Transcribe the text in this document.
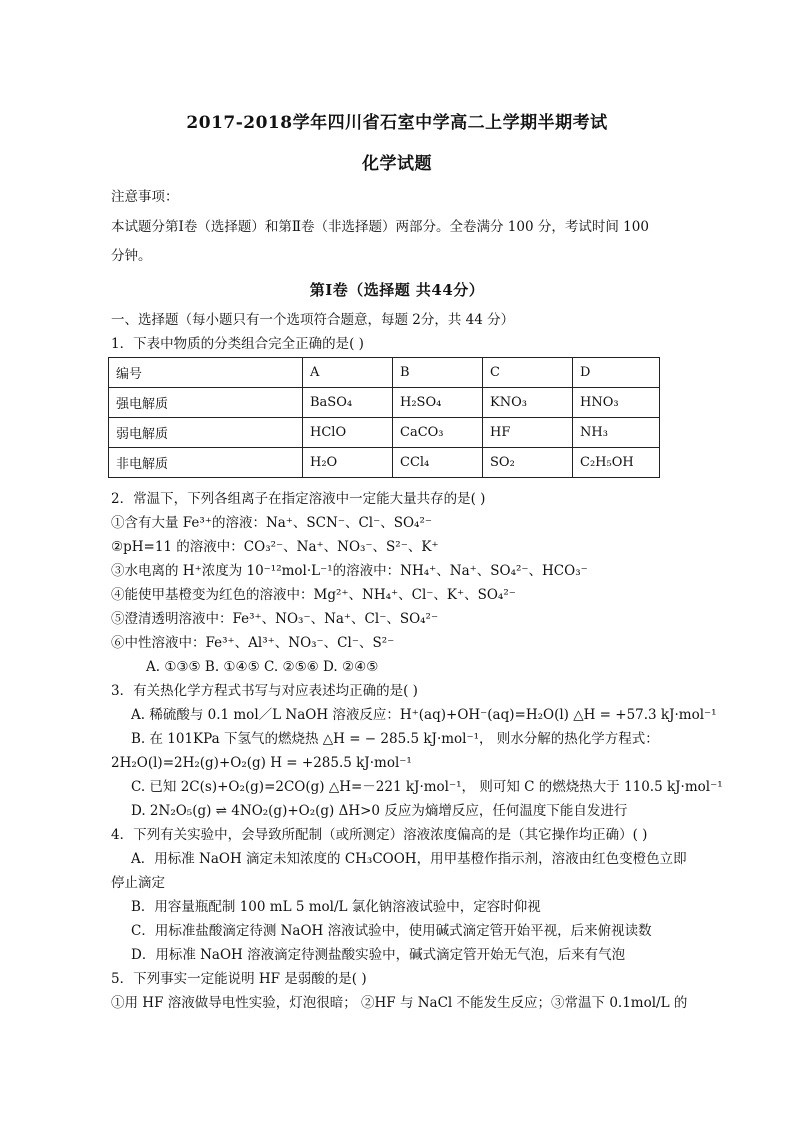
2017-2018学年四川省石室中学高二上学期半期考试
化学试题
注意事项：
本试题分第Ⅰ卷（选择题）和第Ⅱ卷（非选择题）两部分。全卷满分 100 分，考试时间 100
分钟。
第Ⅰ卷（选择题 共44分）
一、选择题（每小题只有一个选项符合题意，每题 2分，共 44 分）
1．下表中物质的分类组合完全正确的是( )
编号	A	B	C	D
强电解质	BaSO₄	H₂SO₄	KNO₃	HNO₃
弱电解质	HClO	CaCO₃	HF	NH₃
非电解质	H₂O	CCl₄	SO₂	C₂H₅OH
2．常温下，下列各组离子在指定溶液中一定能大量共存的是( )
①含有大量 Fe³⁺的溶液：Na⁺、SCN⁻、Cl⁻、SO₄²⁻
②pH=11 的溶液中：CO₃²⁻、Na⁺、NO₃⁻、S²⁻、K⁺
③水电离的 H⁺浓度为 10⁻¹²mol·L⁻¹的溶液中：NH₄⁺、Na⁺、SO₄²⁻、HCO₃⁻
④能使甲基橙变为红色的溶液中：Mg²⁺、NH₄⁺、Cl⁻、K⁺、SO₄²⁻
⑤澄清透明溶液中：Fe³⁺、NO₃⁻、Na⁺、Cl⁻、SO₄²⁻
⑥中性溶液中：Fe³⁺、Al³⁺、NO₃⁻、Cl⁻、S²⁻
A. ①③⑤ B. ①④⑤ C. ②⑤⑥ D. ②④⑤
3．有关热化学方程式书写与对应表述均正确的是( )
A. 稀硫酸与 0.1 mol／L NaOH 溶液反应：H⁺(aq)+OH⁻(aq)=H₂O(l) △H = +57.3 kJ·mol⁻¹
B. 在 101KPa 下氢气的燃烧热 △H = − 285.5 kJ·mol⁻¹， 则水分解的热化学方程式：
2H₂O(l)=2H₂(g)+O₂(g) H = +285.5 kJ·mol⁻¹
C. 已知 2C(s)+O₂(g)=2CO(g) △H=－221 kJ·mol⁻¹， 则可知 C 的燃烧热大于 110.5 kJ·mol⁻¹
D. 2N₂O₅(g) ⇌ 4NO₂(g)+O₂(g) ΔH>0 反应为熵增反应，任何温度下能自发进行
4．下列有关实验中，会导致所配制（或所测定）溶液浓度偏高的是（其它操作均正确）( )
A．用标准 NaOH 滴定未知浓度的 CH₃COOH，用甲基橙作指示剂，溶液由红色变橙色立即
停止滴定
B．用容量瓶配制 100 mL 5 mol/L 氯化钠溶液试验中，定容时仰视
C．用标准盐酸滴定待测 NaOH 溶液试验中，使用碱式滴定管开始平视，后来俯视读数
D．用标准 NaOH 溶液滴定待测盐酸实验中，碱式滴定管开始无气泡，后来有气泡
5．下列事实一定能说明 HF 是弱酸的是( )
①用 HF 溶液做导电性实验，灯泡很暗； ②HF 与 NaCl 不能发生反应；③常温下 0.1mol/L 的
